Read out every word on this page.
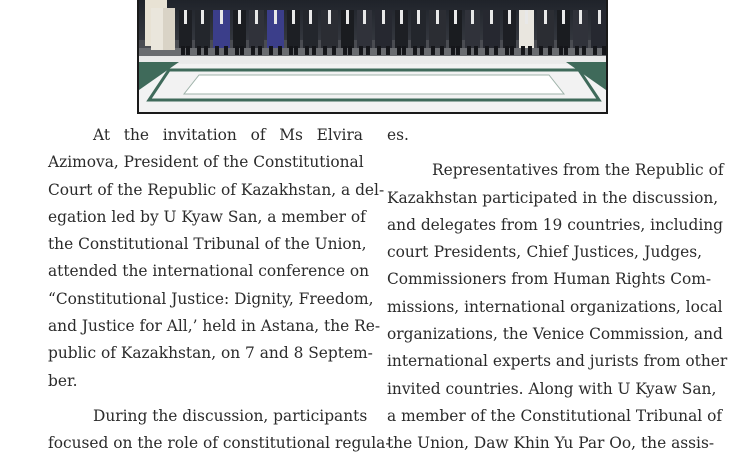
At the invitation of Ms Elvira
Azimova, President of the Constitutional
Court of the Republic of Kazakhstan, a del-
egation led by U Kyaw San, a member of
the Constitutional Tribunal of the Union,
attended the international conference on
“Constitutional Justice: Dignity, Freedom,
and Justice for All,’ held in Astana, the Re-
public of Kazakhstan, on 7 and 8 Septem-
ber.
During the discussion, participants
focused on the role of constitutional regula-
es.
Representatives from the Republic of
Kazakhstan participated in the discussion,
and delegates from 19 countries, including
court Presidents, Chief Justices, Judges,
Commissioners from Human Rights Com-
missions, international organizations, local
organizations, the Venice Commission, and
international experts and jurists from other
invited countries. Along with U Kyaw San,
a member of the Constitutional Tribunal of
the Union, Daw Khin Yu Par Oo, the assis-
